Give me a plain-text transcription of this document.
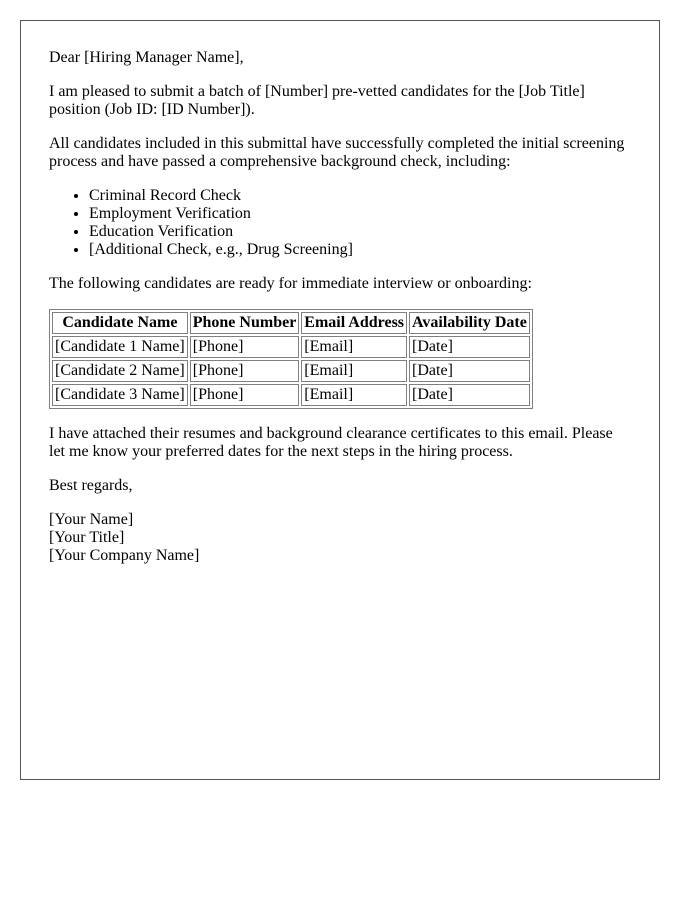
Dear [Hiring Manager Name],

I am pleased to submit a batch of [Number] pre-vetted candidates for the [Job Title] position (Job ID: [ID Number]).

All candidates included in this submittal have successfully completed the initial screening process and have passed a comprehensive background check, including:

• Criminal Record Check
• Employment Verification
• Education Verification
• [Additional Check, e.g., Drug Screening]

The following candidates are ready for immediate interview or onboarding:

Candidate Name	Phone Number	Email Address	Availability Date
[Candidate 1 Name]	[Phone]	[Email]	[Date]
[Candidate 2 Name]	[Phone]	[Email]	[Date]
[Candidate 3 Name]	[Phone]	[Email]	[Date]

I have attached their resumes and background clearance certificates to this email. Please let me know your preferred dates for the next steps in the hiring process.

Best regards,

[Your Name]

[Your Title]

[Your Company Name]
